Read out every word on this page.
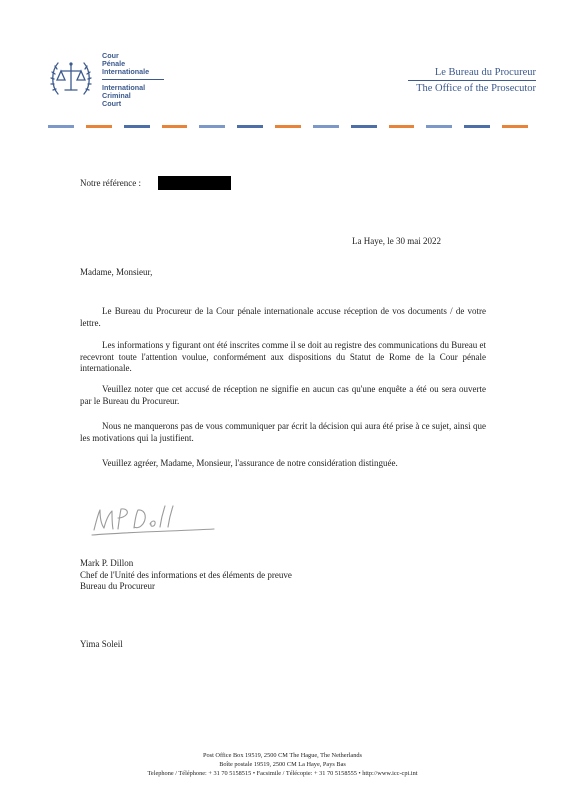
Cour
Pénale
Internationale
International
Criminal
Court
Le Bureau du Procureur
The Office of the Prosecutor
Notre référence :
La Haye, le 30 mai 2022
Madame, Monsieur,
Le Bureau du Procureur de la Cour pénale internationale accuse réception de vos documents / de votre lettre.
Les informations y figurant ont été inscrites comme il se doit au registre des communications du Bureau et recevront toute l'attention voulue, conformément aux dispositions du Statut de Rome de la Cour pénale internationale.
Veuillez noter que cet accusé de réception ne signifie en aucun cas qu'une enquête a été ou sera ouverte par le Bureau du Procureur.
Nous ne manquerons pas de vous communiquer par écrit la décision qui aura été prise à ce sujet, ainsi que les motivations qui la justifient.
Veuillez agréer, Madame, Monsieur, l'assurance de notre considération distinguée.
Mark P. Dillon
Chef de l'Unité des informations et des éléments de preuve
Bureau du Procureur
Yima Soleil
Post Office Box 19519, 2500 CM The Hague, The Netherlands
Boîte postale 19519, 2500 CM La Haye, Pays Bas
Telephone / Téléphone: + 31 70 5158515 • Facsimile / Télécopie: + 31 70 5158555 • http://www.icc-cpi.int
